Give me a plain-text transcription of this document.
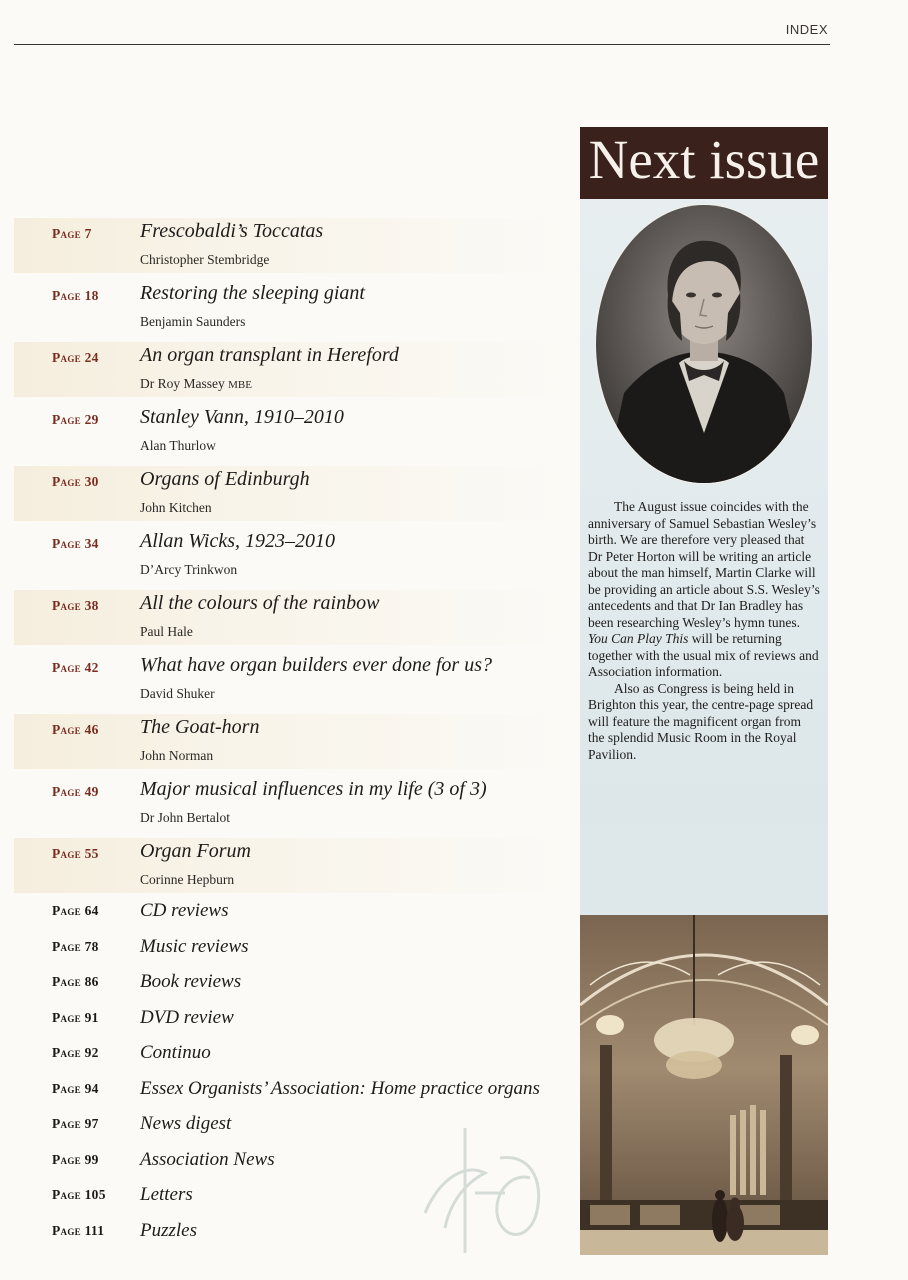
INDEX
Page 7 Frescobaldi’s Toccatas
Christopher Stembridge
Page 18 Restoring the sleeping giant
Benjamin Saunders
Page 24 An organ transplant in Hereford
Dr Roy Massey MBE
Page 29 Stanley Vann, 1910–2010
Alan Thurlow
Page 30 Organs of Edinburgh
John Kitchen
Page 34 Allan Wicks, 1923–2010
D’Arcy Trinkwon
Page 38 All the colours of the rainbow
Paul Hale
Page 42 What have organ builders ever done for us?
David Shuker
Page 46 The Goat-horn
John Norman
Page 49 Major musical influences in my life (3 of 3)
Dr John Bertalot
Page 55 Organ Forum
Corinne Hepburn
Page 64 CD reviews
Page 78 Music reviews
Page 86 Book reviews
Page 91 DVD review
Page 92 Continuo
Page 94 Essex Organists’ Association: Home practice organs
Page 97 News digest
Page 99 Association News
Page 105 Letters
Page 111 Puzzles
Next issue

The August issue coincides with the anniversary of Samuel Sebastian Wesley’s birth. We are therefore very pleased that Dr Peter Horton will be writing an article about the man himself, Martin Clarke will be providing an article about S.S. Wesley’s antecedents and that Dr Ian Bradley has been researching Wesley’s hymn tunes. You Can Play This will be returning together with the usual mix of reviews and Association information.

Also as Congress is being held in Brighton this year, the centre-page spread will feature the magnificent organ from the splendid Music Room in the Royal Pavilion.
